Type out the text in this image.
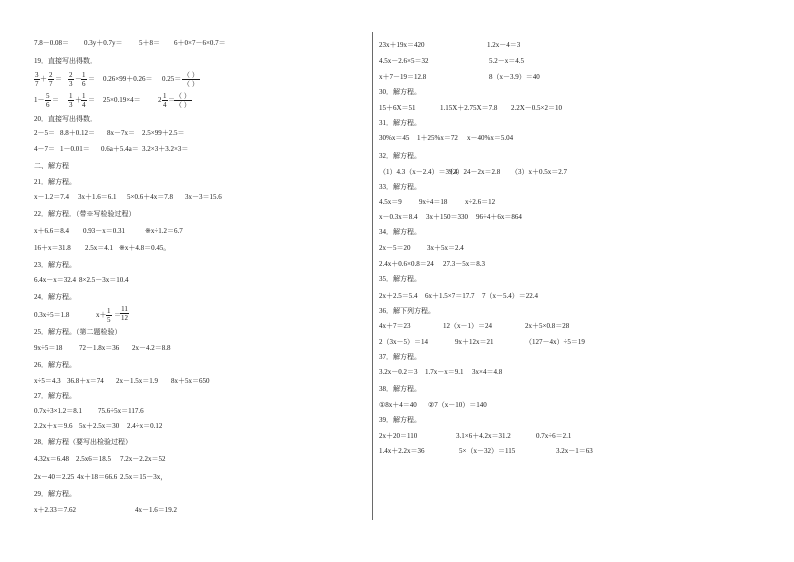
7.8－0.08＝ 0.3y＋0.7y＝ 5＋8＝ 6＋0×7－6×0.7＝
19．直接写出得数．
$\frac{3}{7} + \frac{2}{7} = \frac{2}{3} - \frac{1}{6} = 0.26\times 99+0.26= 0.25=$ （ ）
（ ）
$1- \frac{5}{6} = \frac{1}{3} + \frac{1}{4} = 25\times 0.19\times 4= 2 \frac{1}{4}$ ＝ （ ）
（ ）
20．直接写出得数．
2－5＝ 8.8＋0.12＝ 8x－7x＝ 2.5×99＋2.5＝
4－7＝ 1－0.01＝ 0.6a＋5.4a＝ 3.2×3＋3.2×3＝
二、解方程
21．解方程。
x－1.2＝7.4 3x＋1.6＝6.1 5×0.6＋4x＝7.8 3x－3＝15.6
22．解方程．（带※写检验过程）
x＋6.6＝8.4 0.93－x＝0.31	※x÷1.2＝6.7
16＋x＝31.8 2.5x＝4.1 ※x＋4.8＝0.45。
23．解方程。
6.4x－x＝32.4 8×2.5－3x＝10.4
24．解方程。
0.3x÷5＝1.8	$x+ \frac{1}{5} = \frac{11}{12}$
25．解方程。（第二题检验）
9x÷5＝18 72－1.8x＝36 2x－4.2＝8.8
26．解方程。
x÷5＝4.3 36.8＋x＝74 2x－1.5x＝1.9 8x＋5x＝650
27．解方程。
0.7x÷3×1.2＝8.1 75.6÷5x＝117.6
2.2x＋x＝9.6 5x＋2.5x＝30 2.4÷x＝0.12
28．解方程（要写出检验过程）
4.32x＝6.48 2.5x6＝18.5 7.2x－2.2x＝52
2x－40＝2.25 4x＋18＝66.6 2.5x＝15－3x，
29．解方程。
x＋2.33＝7.62	4x－1.6＝19.2
23x＋19x＝420	1.2x－4＝3
4.5x－2.6×5＝32	5.2－x＝4.5
x＋7－19＝12.8	8（x－3.9）＝40
30．解方程。
15＋6X＝51	1.15X＋2.75X＝7.8 2.2X－0.5×2＝10
31．解方程。
30%x＝45 1＋25%x＝72 x－40%x＝5.04
32．解方程。
（1）4.3（x－2.4）＝39.4
（2）24－2x＝2.8 （3）x＋0.5x＝2.7
33．解方程。
4.5x＝9 9x÷4＝18	x÷2.6＝12
x－0.3x＝8.4 3x＋150＝330 96÷4＋6x＝864
34．解方程。
2x－5＝20 3x＋5x＝2.4
2.4x＋0.6×0.8＝24 27.3－5x＝8.3
35．解方程。
2x＋2.5＝5.4 6x＋1.5×7＝17.7 7（x－5.4）＝22.4
36．解下列方程。
4x＋7＝23	12（x－1）＝24	2x＋5×0.8＝28
2（3x－5）＝14	9x＋12x＝21	（127－4x）÷5＝19
37．解方程。
3.2x－0.2＝3 1.7x－x＝9.1 3x×4＝4.8
38．解方程。
①8x＋4＝40 ②7（x－10）＝140
39．解方程。
2x＋20＝110	3.1×6＋4.2x＝31.2	0.7x÷6＝2.1
1.4x＋2.2x＝36	5×（x－32）＝115	3.2x－1＝63
